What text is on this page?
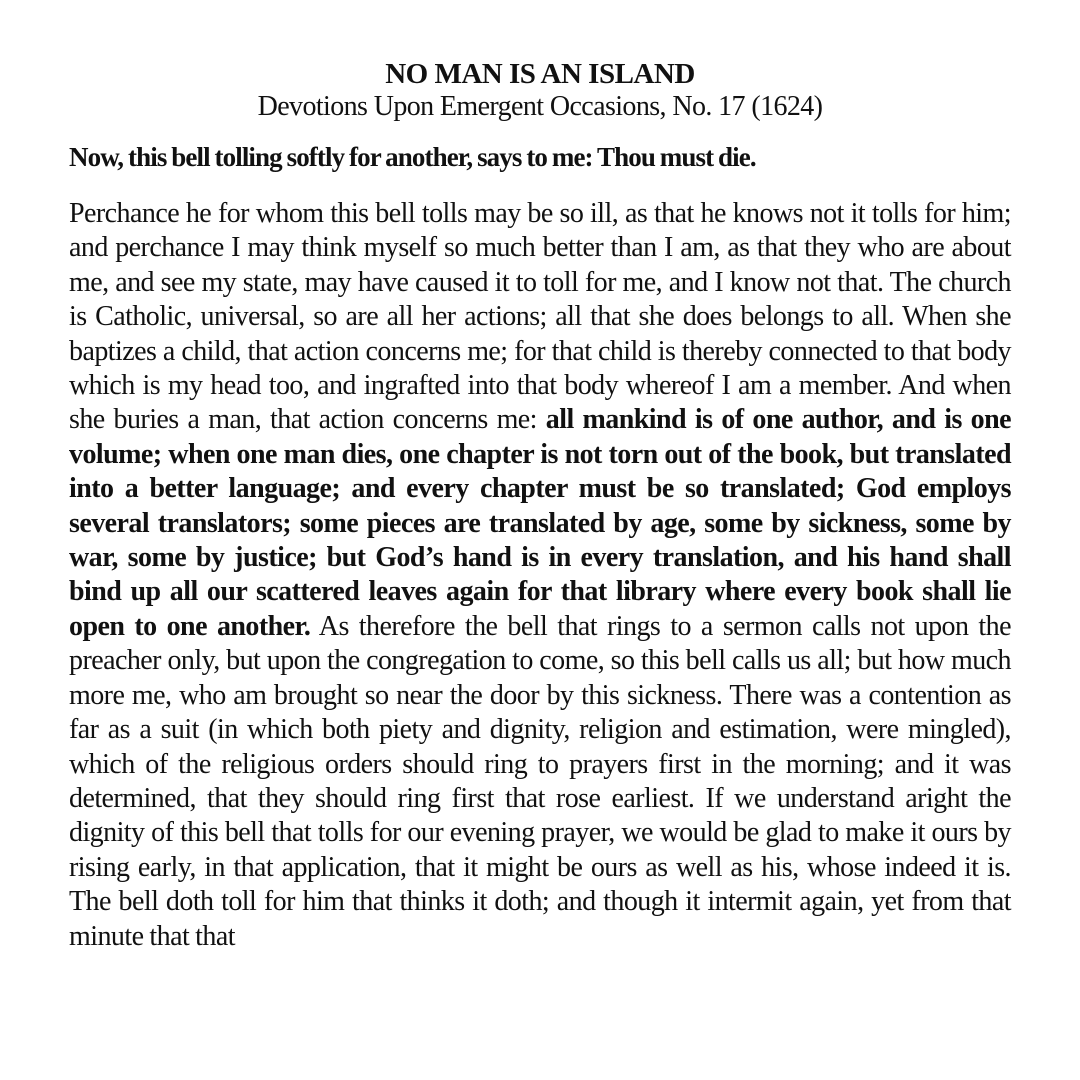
NO MAN IS AN ISLAND

Devotions Upon Emergent Occasions, No. 17 (1624)

Now, this bell tolling softly for another, says to me: Thou must die.

Perchance he for whom this bell tolls may be so ill, as that he knows not it tolls for him; and perchance I may think myself so much better than I am, as that they who are about me, and see my state, may have caused it to toll for me, and I know not that. The church is Catholic, universal, so are all her actions; all that she does belongs to all. When she baptizes a child, that action concerns me; for that child is thereby connected to that body which is my head too, and ingrafted into that body whereof I am a member. And when she buries a man, that action concerns me: all mankind is of one author, and is one volume; when one man dies, one chapter is not torn out of the book, but translated into a better language; and every chapter must be so translated; God employs several translators; some pieces are translated by age, some by sickness, some by war, some by justice; but God’s hand is in every translation, and his hand shall bind up all our scattered leaves again for that library where every book shall lie open to one another. As therefore the bell that rings to a sermon calls not upon the preacher only, but upon the congregation to come, so this bell calls us all; but how much more me, who am brought so near the door by this sickness. There was a contention as far as a suit (in which both piety and dignity, religion and estimation, were mingled), which of the religious orders should ring to prayers first in the morning; and it was determined, that they should ring first that rose earliest. If we understand aright the dignity of this bell that tolls for our evening prayer, we would be glad to make it ours by rising early, in that application, that it might be ours as well as his, whose indeed it is. The bell doth toll for him that thinks it doth; and though it intermit again, yet from that minute that that
